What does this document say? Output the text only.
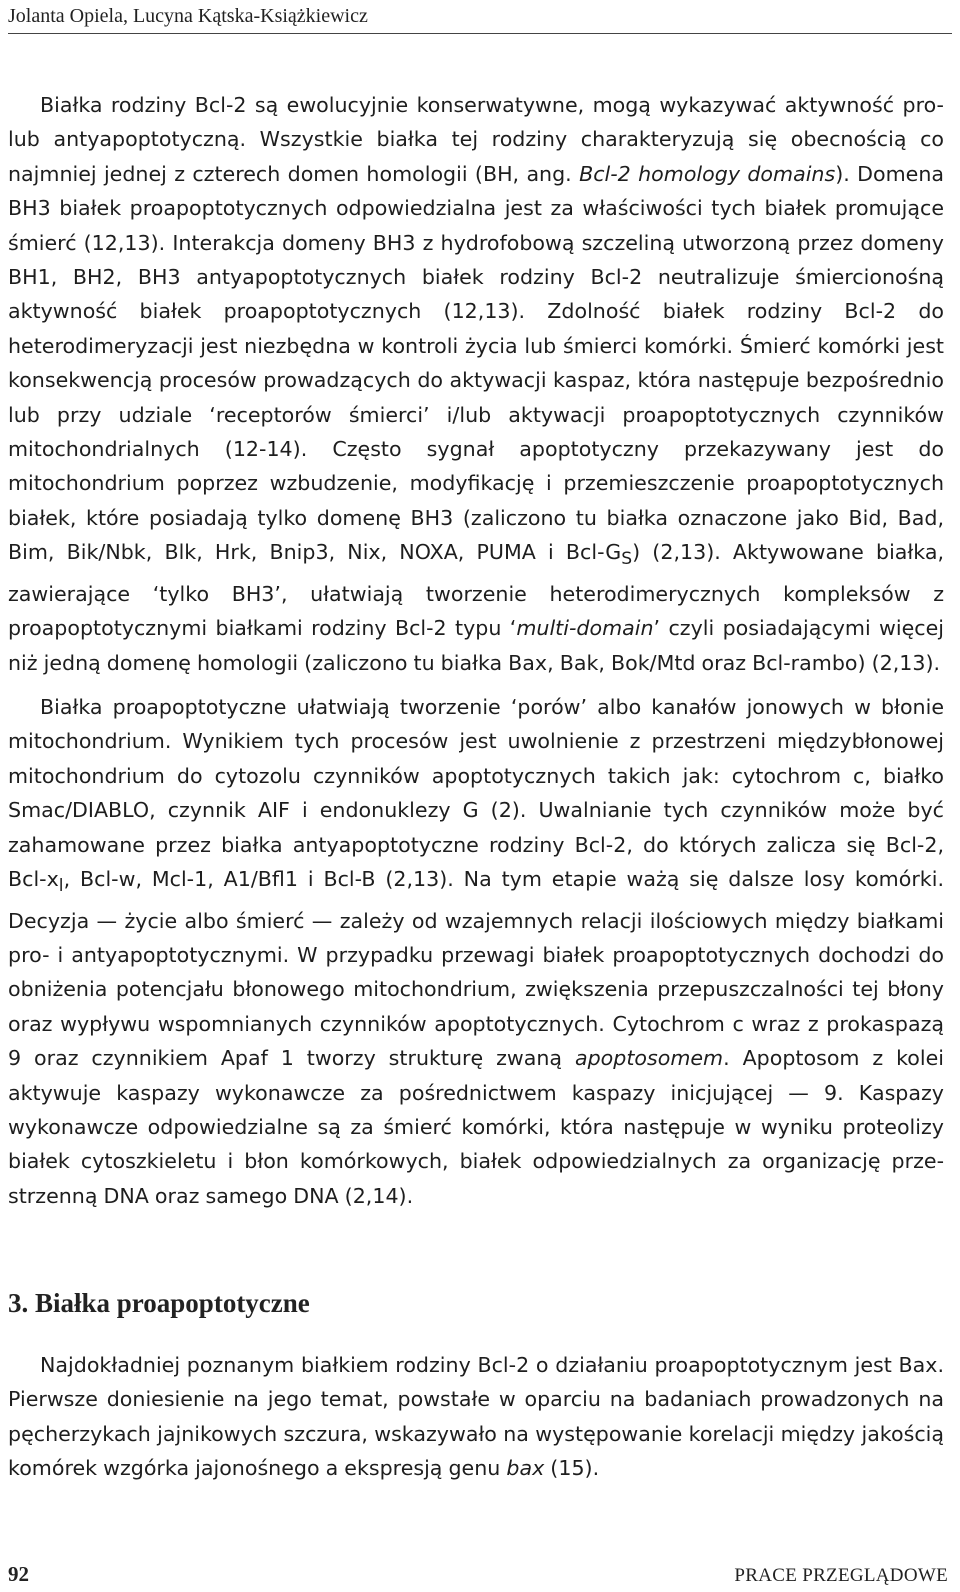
Jolanta Opiela, Lucyna Kątska-Książkiewicz

Białka rodziny Bcl-2 są ewolucyjnie konserwatywne, mogą wykazywać aktywność pro- lub antyapoptotyczną. Wszystkie białka tej rodziny charakteryzują się obecnością co najmniej jednej z czterech domen homologii (BH, ang. Bcl-2 homology domains). Domena BH3 białek proapoptotycznych odpowiedzialna jest za właściwości tych białek promujące śmierć (12,13). Interakcja domeny BH3 z hydrofobową szczeliną utworzoną przez domeny BH1, BH2, BH3 antyapoptotycznych białek rodziny Bcl-2 neutralizuje śmiercionośną aktywność białek proapoptotycznych (12,13). Zdolność białek rodziny Bcl-2 do heterodimeryzacji jest niezbędna w kontroli życia lub śmierci komórki. Śmierć komórki jest konsekwencją procesów prowadzących do aktywacji kaspaz, która następuje bezpośrednio lub przy udziale ‘receptorów śmierci’ i/lub aktywacji proapoptotycznych czynników mitochondrialnych (12-14). Często sygnał apoptotyczny przekazywany jest do mitochondrium poprzez wzbudzenie, modyfikację i przemieszczenie proapoptotycznych białek, które posiadają tylko domenę BH3 (zaliczono tu białka oznaczone jako Bid, Bad, Bim, Bik/Nbk, Blk, Hrk, Bnip3, Nix, NOXA, PUMA i Bcl-$G_S$) (2,13). Aktywowane białka, zawierające ‘tylko BH3’, ułatwiają tworzenie heterodimerycznych kompleksów z proapoptotycznymi białkami rodziny Bcl-2 typu ‘multi-domain’ czyli posiadającymi więcej niż jedną domenę homologii (zaliczono tu białka Bax, Bak, Bok/Mtd oraz Bcl-rambo) (2,13).

Białka proapoptotyczne ułatwiają tworzenie ‘porów’ albo kanałów jonowych w błonie mitochondrium. Wynikiem tych procesów jest uwolnienie z przestrzeni międzybłonowej mitochondrium do cytozolu czynników apoptotycznych takich jak: cytochrom c, białko Smac/DIABLO, czynnik AIF i endonuklezy G (2). Uwalnianie tych czynników może być zahamowane przez białka antyapoptotyczne rodziny Bcl-2, do których zalicza się Bcl-2, Bcl-$x_l$, Bcl-w, Mcl-1, A1/Bfl1 i Bcl-B (2,13). Na tym etapie ważą się dalsze losy komórki. Decyzja — życie albo śmierć — zależy od wzajemnych relacji ilościowych między białkami pro- i antyapoptotycznymi. W przypadku przewagi białek proapoptotycznych dochodzi do obniżenia potencjału błonowego mitochondrium, zwiększenia przepuszczalności tej błony oraz wypływu wspomnianych czynników apoptotycznych. Cytochrom c wraz z prokaspazą 9 oraz czynnikiem Apaf 1 tworzy strukturę zwaną apoptosomem. Apoptosom z kolei aktywuje kaspazy wykonawcze za pośrednictwem kaspazy inicjującej — 9. Kaspazy wykonawcze odpowiedzialne są za śmierć komórki, która następuje w wyniku proteolizy białek cytoszkieletu i błon komórkowych, białek odpowiedzialnych za organizację przestrzenną DNA oraz samego DNA (2,14).

3. Białka proapoptotyczne

Najdokładniej poznanym białkiem rodziny Bcl-2 o działaniu proapoptotycznym jest Bax. Pierwsze doniesienie na jego temat, powstałe w oparciu na badaniach prowadzonych na pęcherzykach jajnikowych szczura, wskazywało na występowanie korelacji między jakością komórek wzgórka jajonośnego a ekspresją genu bax (15).

92	PRACE PRZEGLĄDOWE
